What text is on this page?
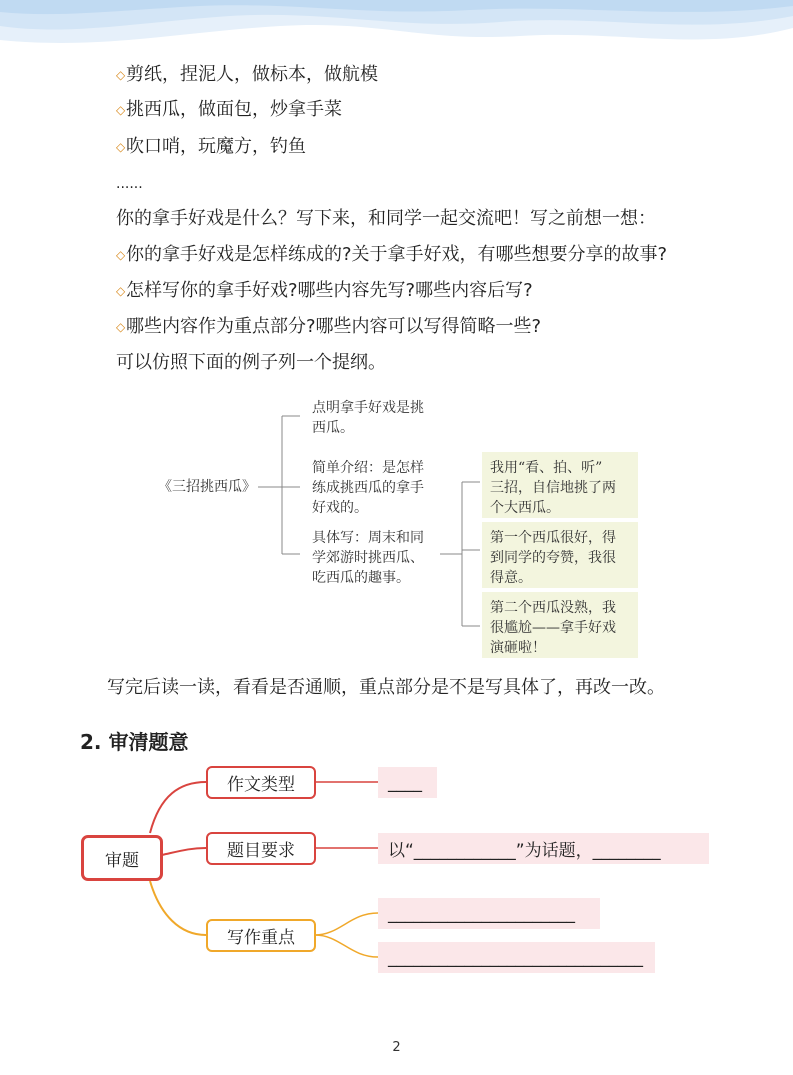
◇剪纸，捏泥人，做标本，做航模
◇挑西瓜，做面包，炒拿手菜
◇吹口哨，玩魔方，钓鱼
......
你的拿手好戏是什么？写下来，和同学一起交流吧！写之前想一想：
◇你的拿手好戏是怎样练成的?关于拿手好戏，有哪些想要分享的故事?
◇怎样写你的拿手好戏?哪些内容先写?哪些内容后写?
◇哪些内容作为重点部分?哪些内容可以写得简略一些?
可以仿照下面的例子列一个提纲。
《三招挑西瓜》
点明拿手好戏是挑
西瓜。
简单介绍：是怎样
练成挑西瓜的拿手
好戏的。
具体写：周末和同
学郊游时挑西瓜、
吃西瓜的趣事。
我用“看、拍、听”
三招，自信地挑了两
个大西瓜。
第一个西瓜很好，得
到同学的夸赞，我很
得意。
第二个西瓜没熟，我
很尴尬——拿手好戏
演砸啦！
写完后读一读，看看是否通顺，重点部分是不是写具体了，再改一改。
2. 审清题意
审题
作文类型
题目要求
写作重点
____
以“____________”为话题，________
______________________
______________________________
2
